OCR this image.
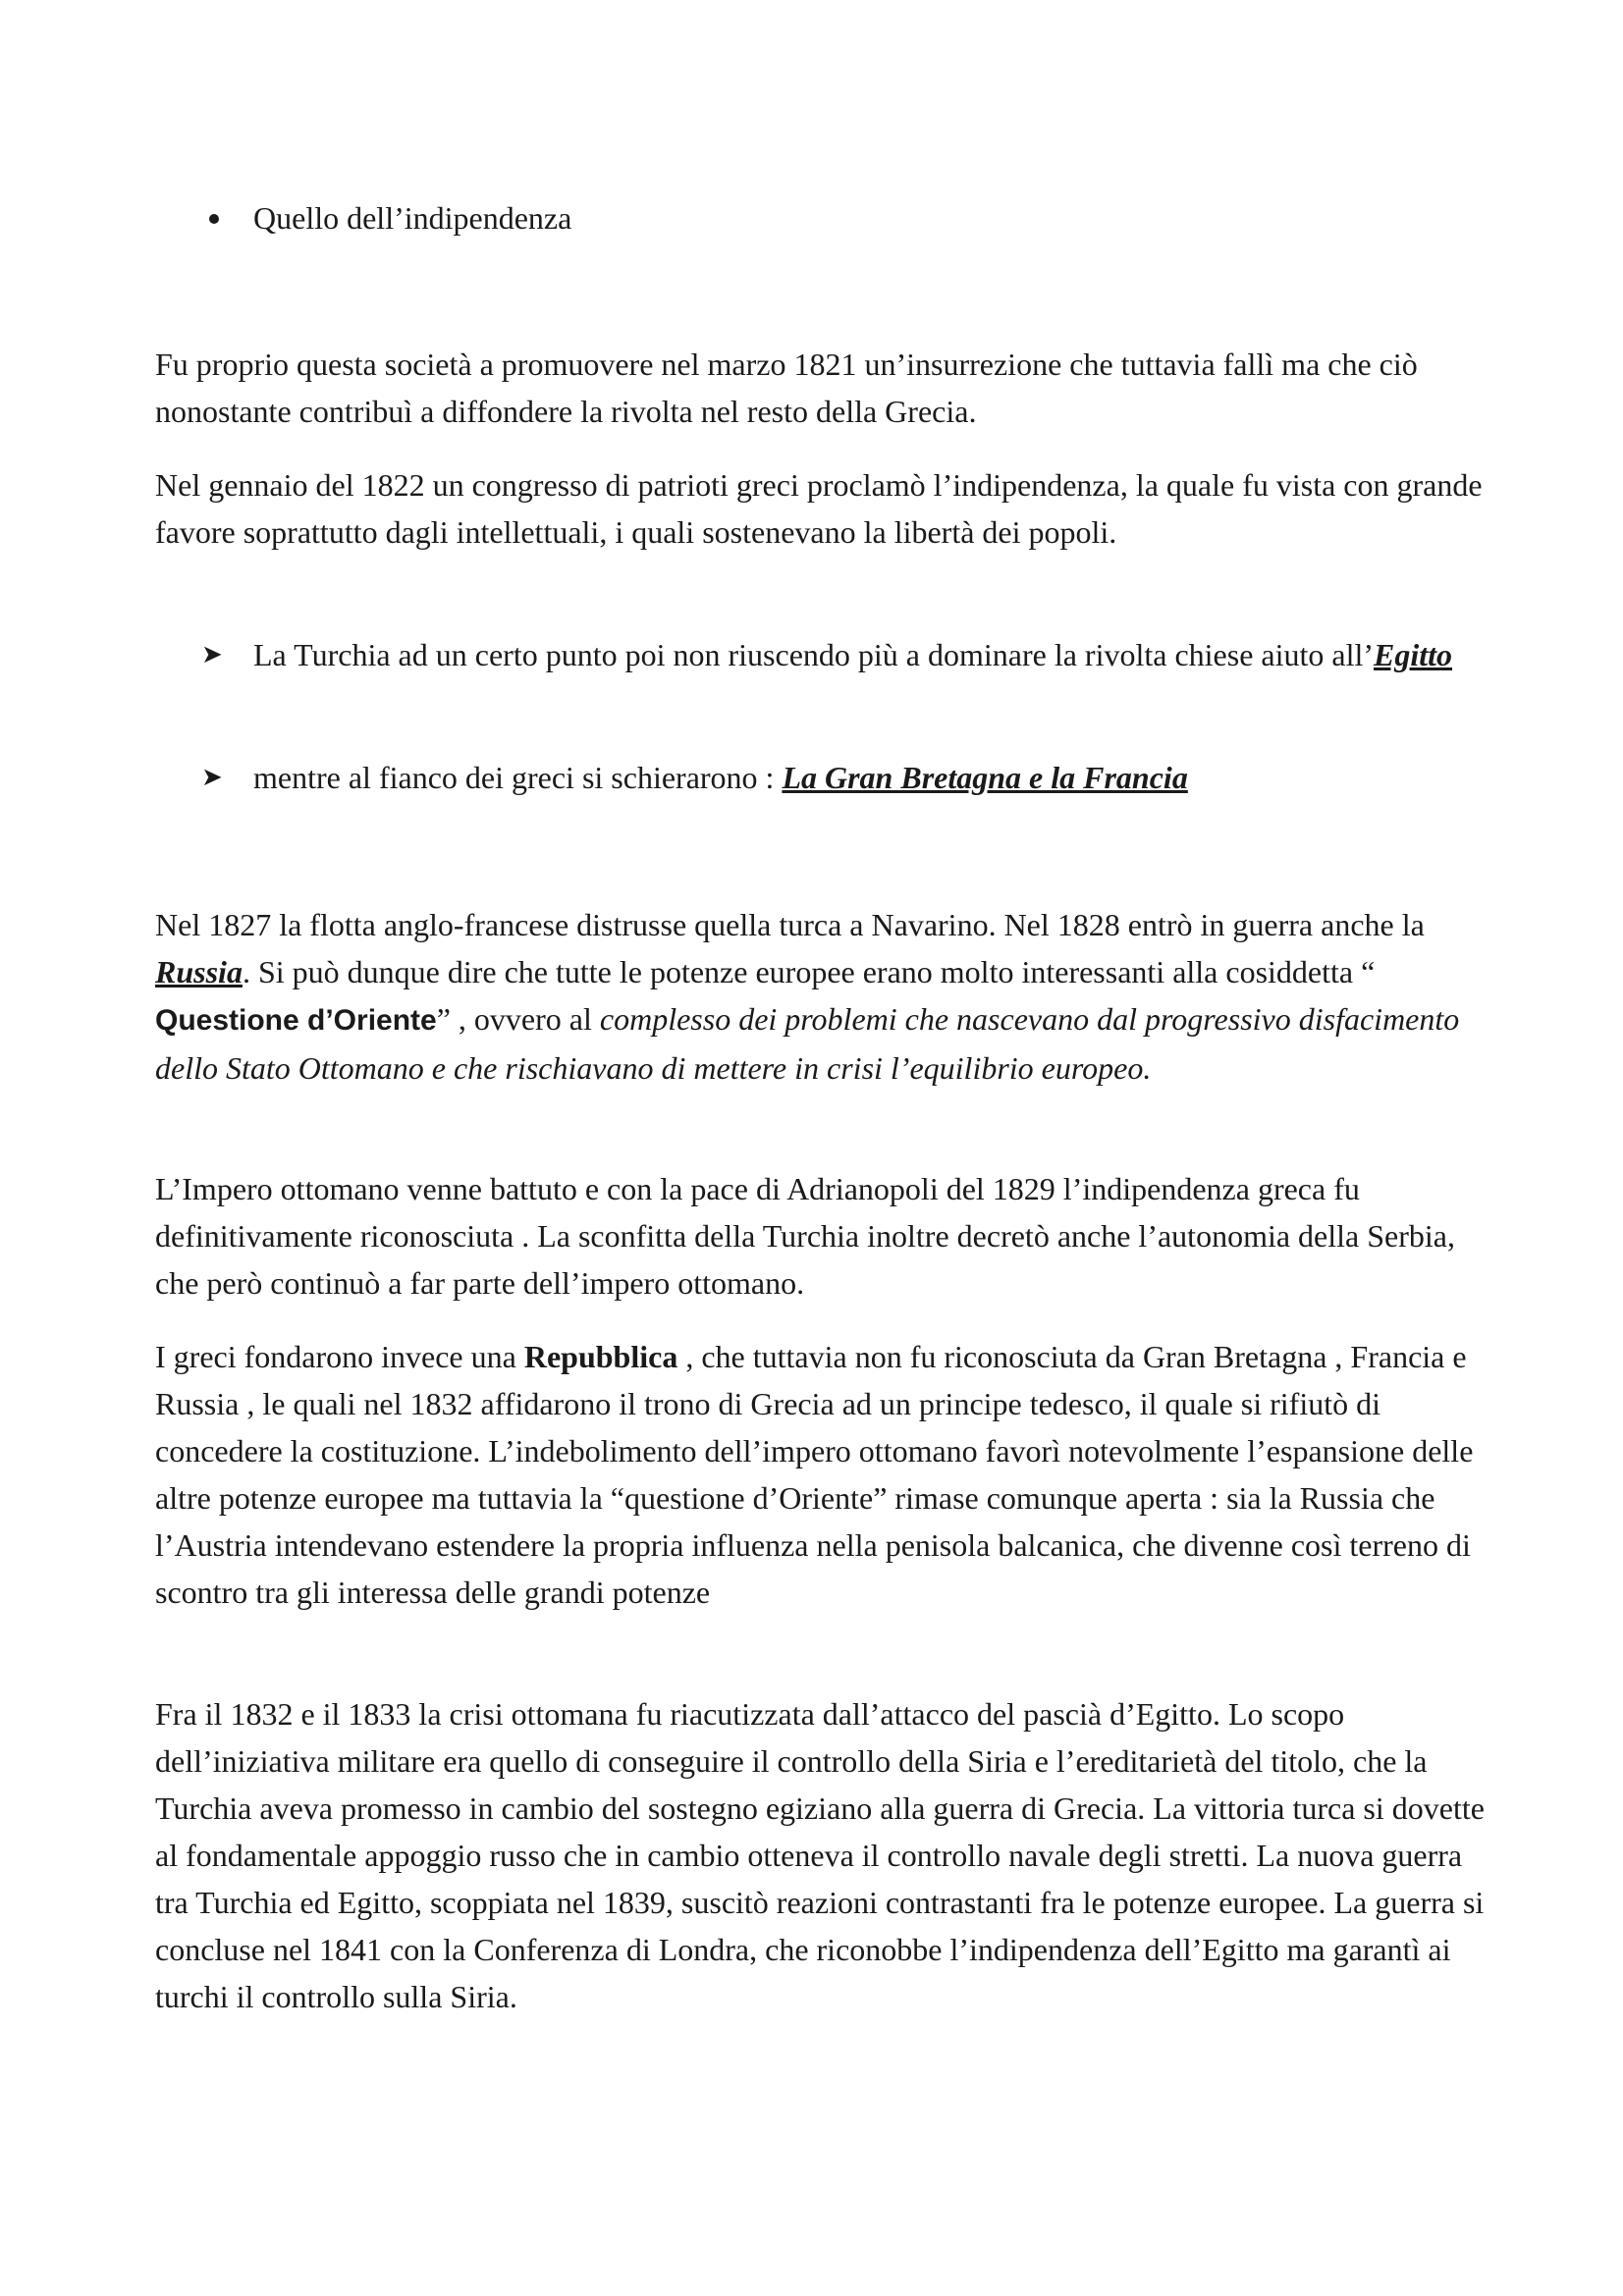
Quello dell’indipendenza

Fu proprio questa società a promuovere nel marzo 1821 un’insurrezione che tuttavia fallì ma che ciò nonostante contribuì a diffondere la rivolta nel resto della Grecia.

Nel gennaio del 1822 un congresso di patrioti greci proclamò l’indipendenza, la quale fu vista con grande favore soprattutto dagli intellettuali, i quali sostenevano la libertà dei popoli.

➤ La Turchia ad un certo punto poi non riuscendo più a dominare la rivolta chiese aiuto all’Egitto

➤ mentre al fianco dei greci si schierarono : La Gran Bretagna e la Francia

Nel 1827 la flotta anglo-francese distrusse quella turca a Navarino. Nel 1828 entrò in guerra anche la Russia. Si può dunque dire che tutte le potenze europee erano molto interessanti alla cosiddetta “ Questione d’Oriente” , ovvero al complesso dei problemi che nascevano dal progressivo disfacimento dello Stato Ottomano e che rischiavano di mettere in crisi l’equilibrio europeo.

L’Impero ottomano venne battuto e con la pace di Adrianopoli del 1829 l’indipendenza greca fu definitivamente riconosciuta . La sconfitta della Turchia inoltre decretò anche l’autonomia della Serbia, che però continuò a far parte dell’impero ottomano.

I greci fondarono invece una Repubblica , che tuttavia non fu riconosciuta da Gran Bretagna , Francia e Russia , le quali nel 1832 affidarono il trono di Grecia ad un principe tedesco, il quale si rifiutò di concedere la costituzione. L’indebolimento dell’impero ottomano favorì notevolmente l’espansione delle altre potenze europee ma tuttavia la “questione d’Oriente” rimase comunque aperta : sia la Russia che l’Austria intendevano estendere la propria influenza nella penisola balcanica, che divenne così terreno di scontro tra gli interessa delle grandi potenze

Fra il 1832 e il 1833 la crisi ottomana fu riacutizzata dall’attacco del pascià d’Egitto. Lo scopo dell’iniziativa militare era quello di conseguire il controllo della Siria e l’ereditarietà del titolo, che la Turchia aveva promesso in cambio del sostegno egiziano alla guerra di Grecia. La vittoria turca si dovette al fondamentale appoggio russo che in cambio otteneva il controllo navale degli stretti. La nuova guerra tra Turchia ed Egitto, scoppiata nel 1839, suscitò reazioni contrastanti fra le potenze europee. La guerra si concluse nel 1841 con la Conferenza di Londra, che riconobbe l’indipendenza dell’Egitto ma garantì ai turchi il controllo sulla Siria.
